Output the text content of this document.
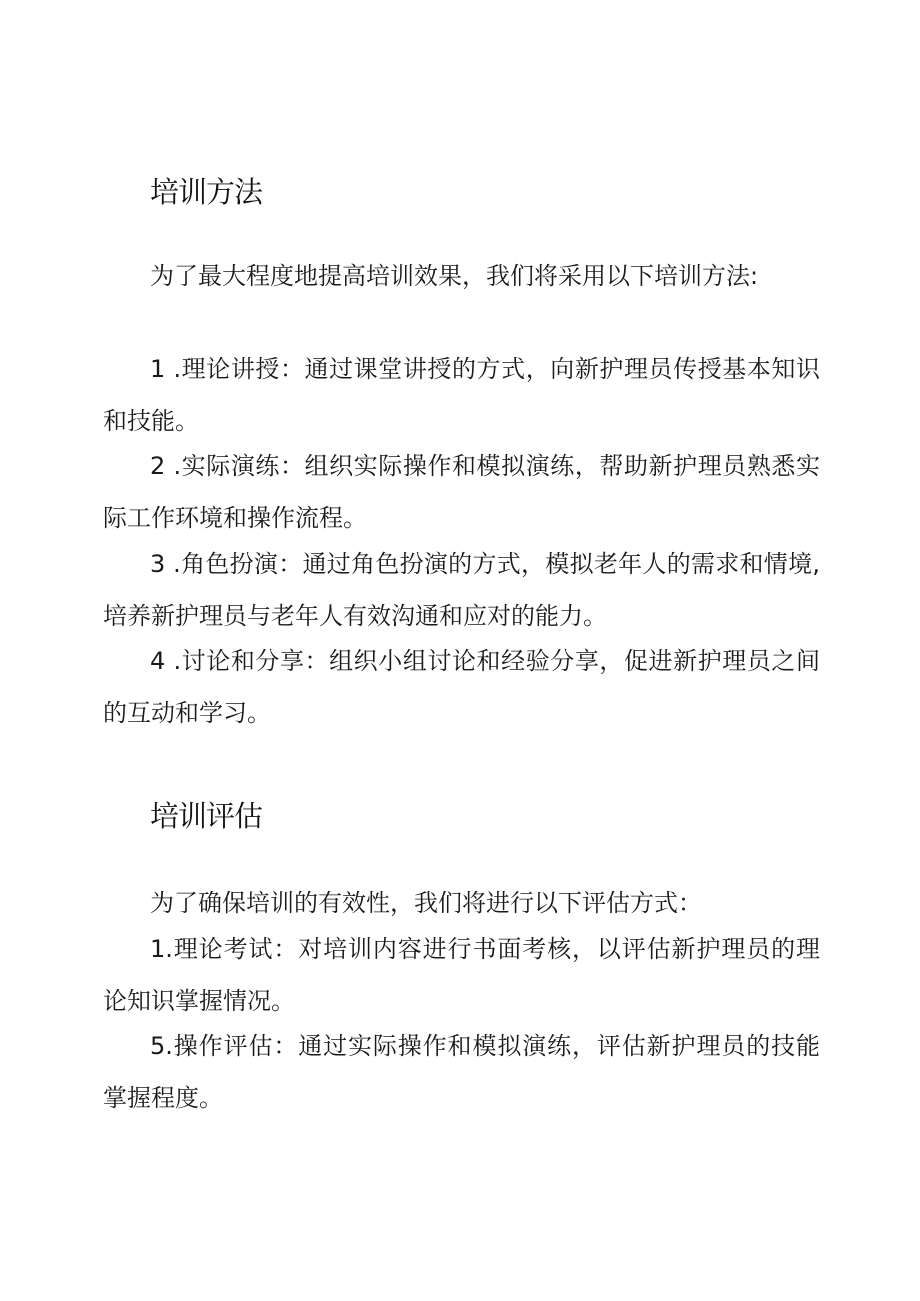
培训方法

为了最大程度地提高培训效果，我们将采用以下培训方法:

1 .理论讲授：通过课堂讲授的方式，向新护理员传授基本知识和技能。

2 .实际演练：组织实际操作和模拟演练，帮助新护理员熟悉实际工作环境和操作流程。

3 .角色扮演：通过角色扮演的方式，模拟老年人的需求和情境,培养新护理员与老年人有效沟通和应对的能力。

4 .讨论和分享：组织小组讨论和经验分享，促进新护理员之间的互动和学习。

培训评估

为了确保培训的有效性，我们将进行以下评估方式：

1.理论考试：对培训内容进行书面考核，以评估新护理员的理论知识掌握情况。

5.操作评估：通过实际操作和模拟演练，评估新护理员的技能掌握程度。
